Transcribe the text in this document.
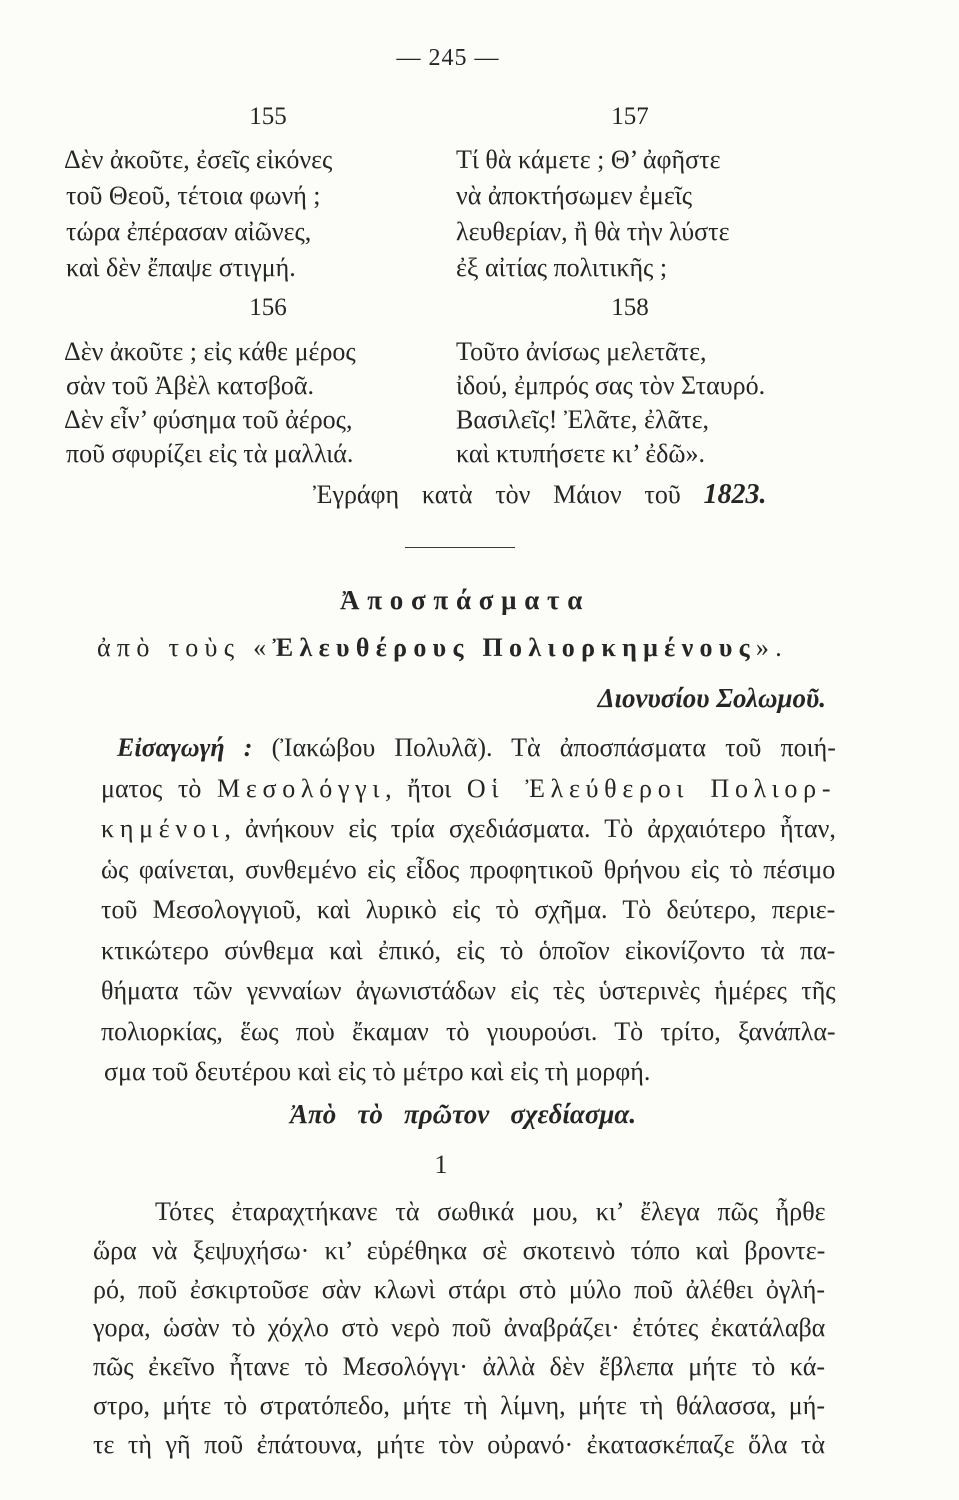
— 245 —
155
Δὲν ἀκοῦτε, ἐσεῖς εἰκόνες
τοῦ Θεοῦ, τέτοια φωνή ;
τώρα ἐπέρασαν αἰῶνες,
καὶ δὲν ἔπαψε στιγμή.
156
Δὲν ἀκοῦτε ; εἰς κάθε μέρος
σὰν τοῦ Ἀβὲλ κατσβοᾶ.
Δὲν εἶν’ φύσημα τοῦ ἀέρος,
ποῦ σφυρίζει εἰς τὰ μαλλιά.
157
Τί θὰ κάμετε ; Θ’ ἀφῆστε
νὰ ἀποκτήσωμεν ἐμεῖς
λευθερίαν, ἢ θὰ τὴν λύστε
ἐξ αἰτίας πολιτικῆς ;
158
Τοῦτο ἀνίσως μελετᾶτε,
ἰδού, ἐμπρός σας τὸν Σταυρό.
Βασιλεῖς! Ἐλᾶτε, ἐλᾶτε,
καὶ κτυπήσετε κι’ ἐδῶ».
Ἐγράφη κατὰ τὸν Μάιον τοῦ 1823.
Ἀποσπάσματα
ἀπὸ τοὺς «Ἐλευθέρους Πολιορκημένους».
Διονυσίου Σολωμοῦ.
Εἰσαγωγή : (Ἰακώβου Πολυλᾶ). Τὰ ἀποσπάσματα τοῦ ποιή-
ματος τὸ Μεσολόγγι, ἤτοι Οἱ Ἐλεύθεροι Πολιορ-
κημένοι, ἀνήκουν εἰς τρία σχεδιάσματα. Τὸ ἀρχαιότερο ἦταν,
ὡς φαίνεται, συνθεμένο εἰς εἶδος προφητικοῦ θρήνου εἰς τὸ πέσιμο
τοῦ Μεσολογγιοῦ, καὶ λυρικὸ εἰς τὸ σχῆμα. Τὸ δεύτερο, περιε-
κτικώτερο σύνθεμα καὶ ἐπικό, εἰς τὸ ὁποῖον εἰκονίζοντο τὰ πα-
θήματα τῶν γενναίων ἀγωνιστάδων εἰς τὲς ὑστερινὲς ἡμέρες τῆς
πολιορκίας, ἕως ποὺ ἔκαμαν τὸ γιουρούσι. Τὸ τρίτο, ξανάπλα-
σμα τοῦ δευτέρου καὶ εἰς τὸ μέτρο καὶ εἰς τὴ μορφή.
Ἀπὸ τὸ πρῶτον σχεδίασμα.
1
Τότες ἐταραχτήκανε τὰ σωθικά μου, κι’ ἔλεγα πῶς ἦρθε
ὥρα νὰ ξεψυχήσω· κι’ εὑρέθηκα σὲ σκοτεινὸ τόπο καὶ βροντε-
ρό, ποῦ ἐσκιρτοῦσε σὰν κλωνὶ στάρι στὸ μύλο ποῦ ἀλέθει ὀγλή-
γορα, ὡσὰν τὸ χόχλο στὸ νερὸ ποῦ ἀναβράζει· ἐτότες ἐκατάλαβα
πῶς ἐκεῖνο ἦτανε τὸ Μεσολόγγι· ἀλλὰ δὲν ἔβλεπα μήτε τὸ κά-
στρο, μήτε τὸ στρατόπεδο, μήτε τὴ λίμνη, μήτε τὴ θάλασσα, μή-
τε τὴ γῆ ποῦ ἐπάτουνα, μήτε τὸν οὐρανό· ἐκατασκέπαζε ὅλα τὰ
